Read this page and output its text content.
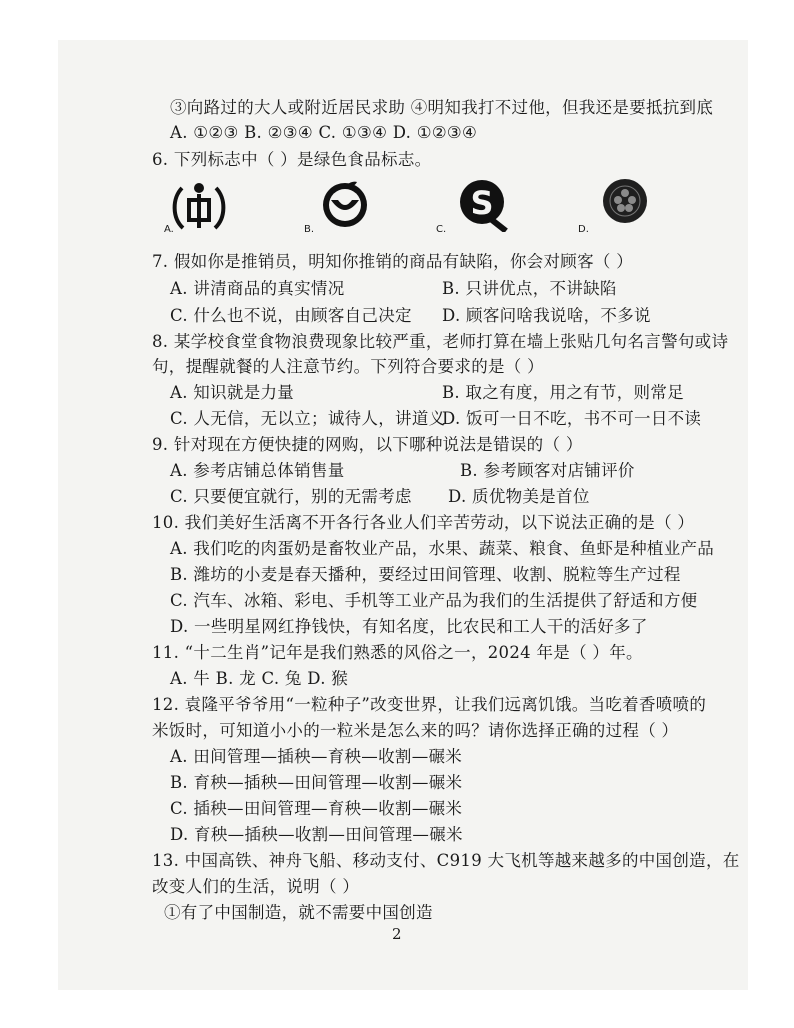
③向路过的大人或附近居民求助 ④明知我打不过他，但我还是要抵抗到底
A. ①②③ B. ②③④ C. ①③④ D. ①②③④
6. 下列标志中（ ）是绿色食品标志。
A.	B.
S
C.	D.
7. 假如你是推销员，明知你推销的商品有缺陷，你会对顾客（ ）
A. 讲清商品的真实情况	B. 只讲优点，不讲缺陷
C. 什么也不说，由顾客自己决定 D. 顾客问啥我说啥，不多说
8. 某学校食堂食物浪费现象比较严重，老师打算在墙上张贴几句名言警句或诗
句，提醒就餐的人注意节约。下列符合要求的是（ ）
A. 知识就是力量	B. 取之有度，用之有节，则常足
C. 人无信，无以立；诚待人，讲道义
D. 饭可一日不吃，书不可一日不读
9. 针对现在方便快捷的网购，以下哪种说法是错误的（ ）
A. 参考店铺总体销售量	B. 参考顾客对店铺评价
C. 只要便宜就行，别的无需考虑 D. 质优物美是首位
10. 我们美好生活离不开各行各业人们辛苦劳动，以下说法正确的是（ ）
A. 我们吃的肉蛋奶是畜牧业产品，水果、蔬菜、粮食、鱼虾是种植业产品
B. 潍坊的小麦是春天播种，要经过田间管理、收割、脱粒等生产过程
C. 汽车、冰箱、彩电、手机等工业产品为我们的生活提供了舒适和方便
D. 一些明星网红挣钱快，有知名度，比农民和工人干的活好多了
11. “十二生肖”记年是我们熟悉的风俗之一，2024 年是（ ）年。
A. 牛 B. 龙 C. 兔 D. 猴
12. 袁隆平爷爷用“一粒种子”改变世界，让我们远离饥饿。当吃着香喷喷的
米饭时，可知道小小的一粒米是怎么来的吗？请你选择正确的过程（ ）
A. 田间管理—插秧—育秧—收割—碾米
B. 育秧—插秧—田间管理—收割—碾米
C. 插秧—田间管理—育秧—收割—碾米
D. 育秧—插秧—收割—田间管理—碾米
13. 中国高铁、神舟飞船、移动支付、C919 大飞机等越来越多的中国创造，在
改变人们的生活，说明（ ）
①有了中国制造，就不需要中国创造
2
